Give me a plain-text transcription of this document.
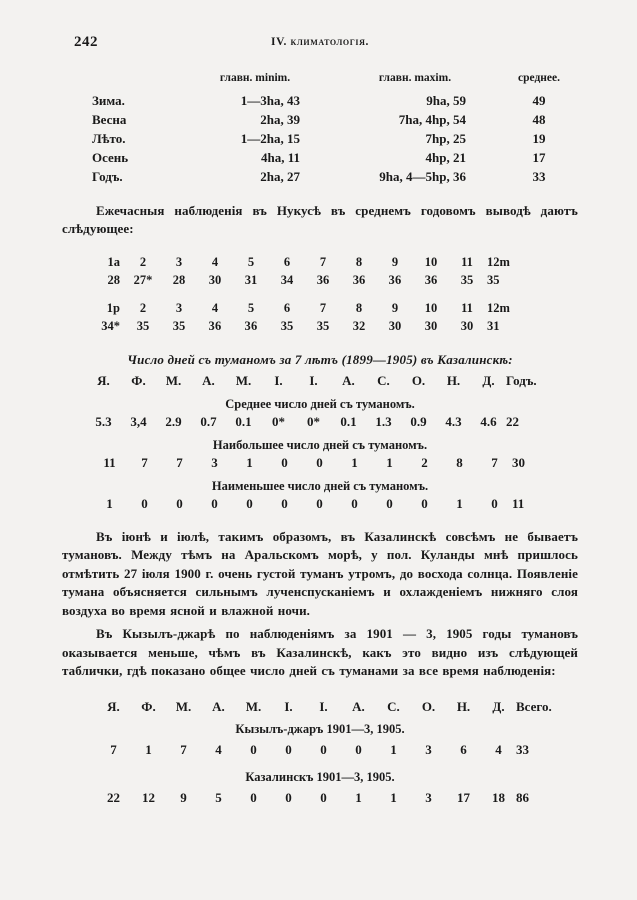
242	IV. климатологiя.
	главн. minim.	главн. maxim.	среднее.
Зима.	1—3ha, 43	9ha, 59	49
Весна	2ha, 39	7ha, 4hp, 54	48
Лѣто.	1—2ha, 15	7hp, 25	19
Осень	4ha, 11	4hp, 21	17
Годъ.	2ha, 27	9ha, 4—5hp, 36	33

Ежечасныя наблюденiя въ Нукусѣ въ среднемъ годовомъ выводѣ даютъ слѣдующее:

1a	2	3	4	5	6	7	8	9	10	11	12m
28	27*	28	30	31	34	36	36	36	36	35	35
1p	2	3	4	5	6	7	8	9	10	11	12m
34*	35	35	36	36	35	35	32	30	30	30	31
Число дней съ туманомъ за 7 лѣтъ (1899—1905) въ Казалинскѣ:
Я.	Ф.	М.	А.	М.	I.	I.	А.	С.	О.	Н.	Д. Годъ.
Среднее число дней съ туманомъ.
5.3	3,4	2.9	0.7	0.1	0*	0*	0.1	1.3	0.9	4.3	4.6 22
Наибольшее число дней съ туманомъ.
11	7	7	3	1	0	0	1	1	2	8	7	30
Наименьшее число дней съ туманомъ.
1	0	0	0	0	0	0	0	0	0	1	0	11

Въ iюнѣ и iюлѣ, такимъ образомъ, въ Казалинскѣ совсѣмъ не бываетъ тумановъ. Между тѣмъ на Аральскомъ морѣ, у пол. Куланды мнѣ пришлось отмѣтить 27 iюля 1900 г. очень густой туманъ утромъ, до восхода солнца. Появленiе тумана объясняется сильнымъ лученспусканiемъ и охлажденiемъ нижняго слоя воздуха во время ясной и влажной ночи.

Въ Кызылъ-джарѣ по наблюденiямъ за 1901 — 3, 1905 годы тумановъ оказывается меньше, чѣмъ въ Казалинскѣ, какъ это видно изъ слѣдующей таблички, гдѣ показано общее число дней съ туманами за все время наблюденiя:

Я.	Ф.	М.	А.	М.	I.	I.	А.	С.	О.	Н.	Д. Всего.
Кызылъ-джаръ 1901—3, 1905.
7	1	7	4	0	0	0	0	1	3	6	4	33
Казалинскъ 1901—3, 1905.
22	12	9	5	0	0	0	1	1	3	17	18 86
